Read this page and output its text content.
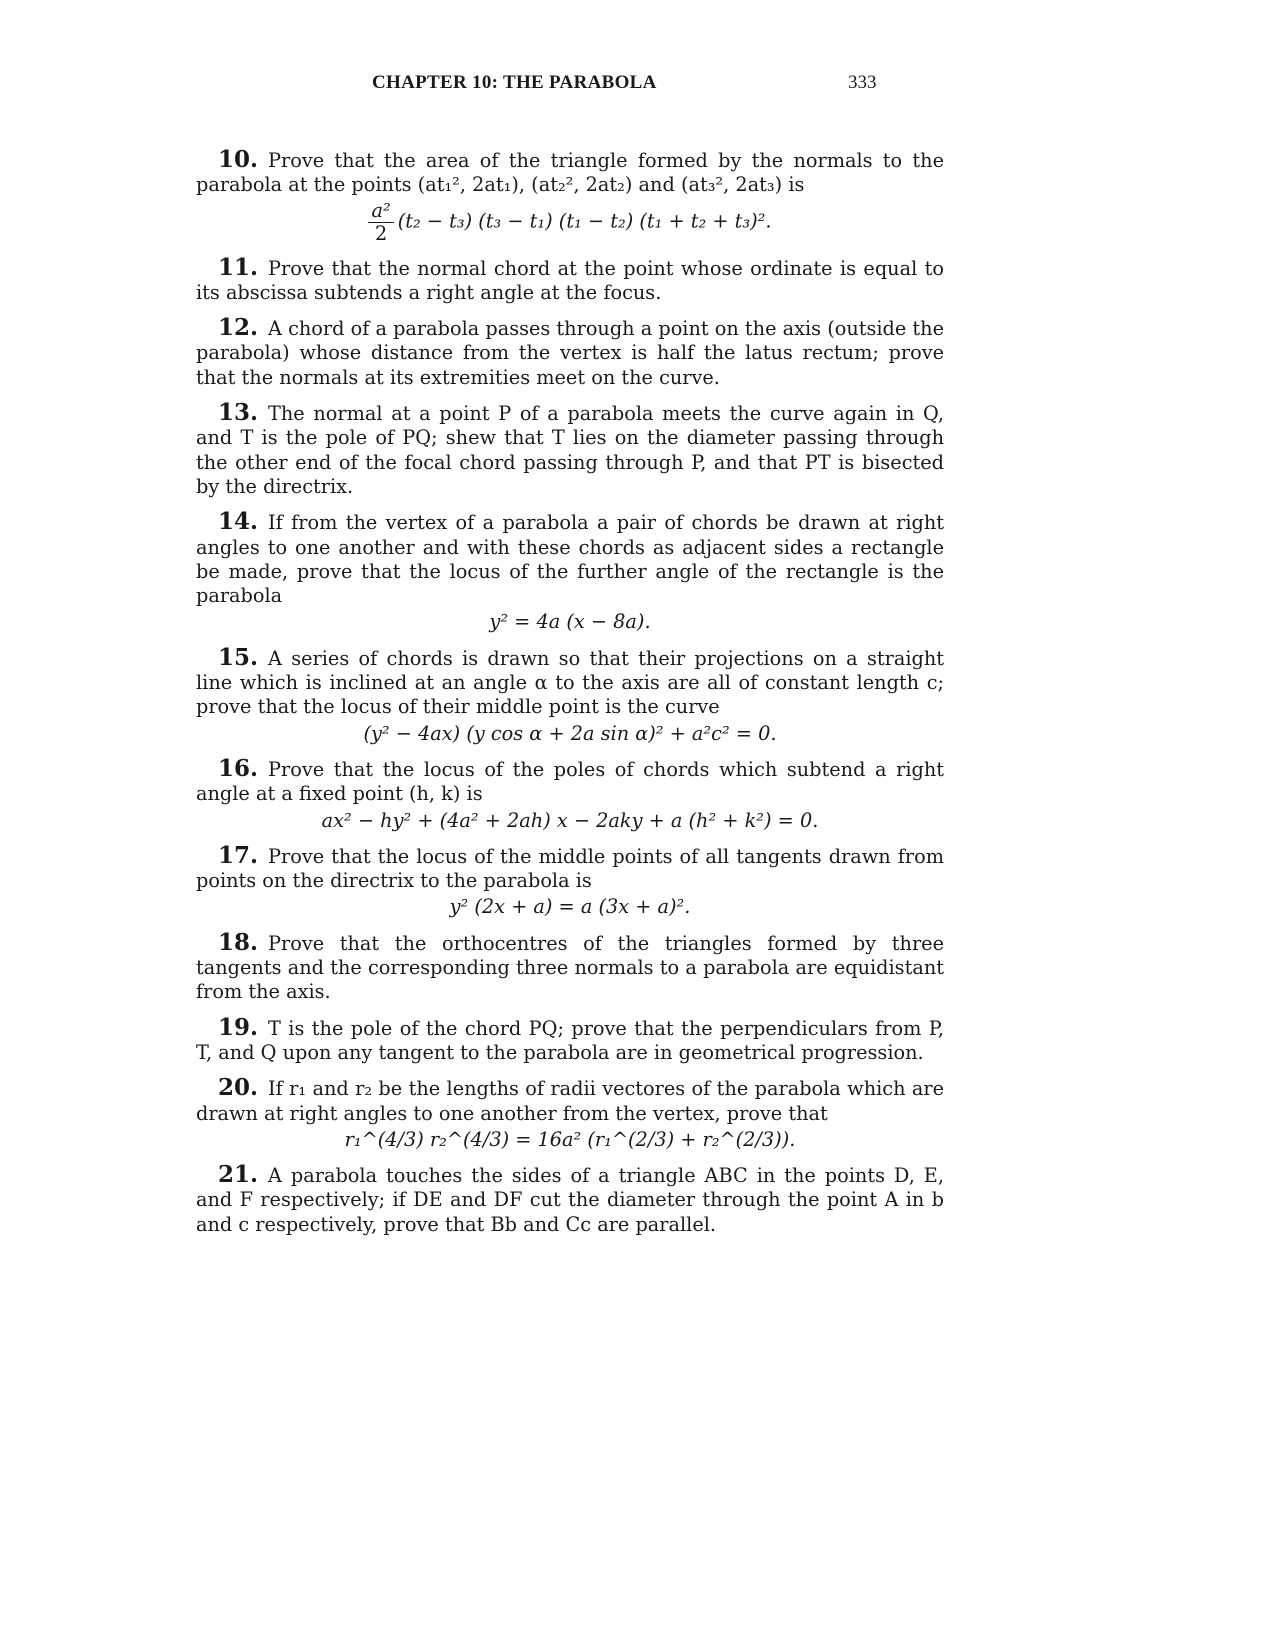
CHAPTER 10: THE PARABOLA	333
10. Prove that the area of the triangle formed by the normals to the parabola at the points (at₁², 2at₁), (at₂², 2at₂) and (at₃², 2at₃) is
$\frac{\text{a²}}{2} (t_2 - t_3) (t_3 - t_1) (t_1 - t_2) (t_1 + t_2 + t_3)^2$.
11. Prove that the normal chord at the point whose ordinate is equal to its abscissa subtends a right angle at the focus.
12. A chord of a parabola passes through a point on the axis (outside the parabola) whose distance from the vertex is half the latus rectum; prove that the normals at its extremities meet on the curve.
13. The normal at a point P of a parabola meets the curve again in Q, and T is the pole of PQ; shew that T lies on the diameter passing through the other end of the focal chord passing through P, and that PT is bisected by the directrix.
14. If from the vertex of a parabola a pair of chords be drawn at right angles to one another and with these chords as adjacent sides a rectangle be made, prove that the locus of the further angle of the rectangle is the parabola
y² = 4a (x − 8a).
15. A series of chords is drawn so that their projections on a straight line which is inclined at an angle α to the axis are all of constant length c; prove that the locus of their middle point is the curve
(y² − 4ax) (y cos α + 2a sin α)² + a²c² = 0.
16. Prove that the locus of the poles of chords which subtend a right angle at a fixed point (h, k) is
ax² − hy² + (4a² + 2ah) x − 2aky + a (h² + k²) = 0.
17. Prove that the locus of the middle points of all tangents drawn from points on the directrix to the parabola is
y² (2x + a) = a (3x + a)².
18. Prove that the orthocentres of the triangles formed by three tangents and the corresponding three normals to a parabola are equidistant from the axis.
19. T is the pole of the chord PQ; prove that the perpendiculars from P, T, and Q upon any tangent to the parabola are in geometrical progression.
20. If r₁ and r₂ be the lengths of radii vectores of the parabola which are drawn at right angles to one another from the vertex, prove that
r₁^(4/3) r₂^(4/3) = 16a² (r₁^(2/3) + r₂^(2/3)).
21. A parabola touches the sides of a triangle ABC in the points D, E, and F respectively; if DE and DF cut the diameter through the point A in b and c respectively, prove that Bb and Cc are parallel.
